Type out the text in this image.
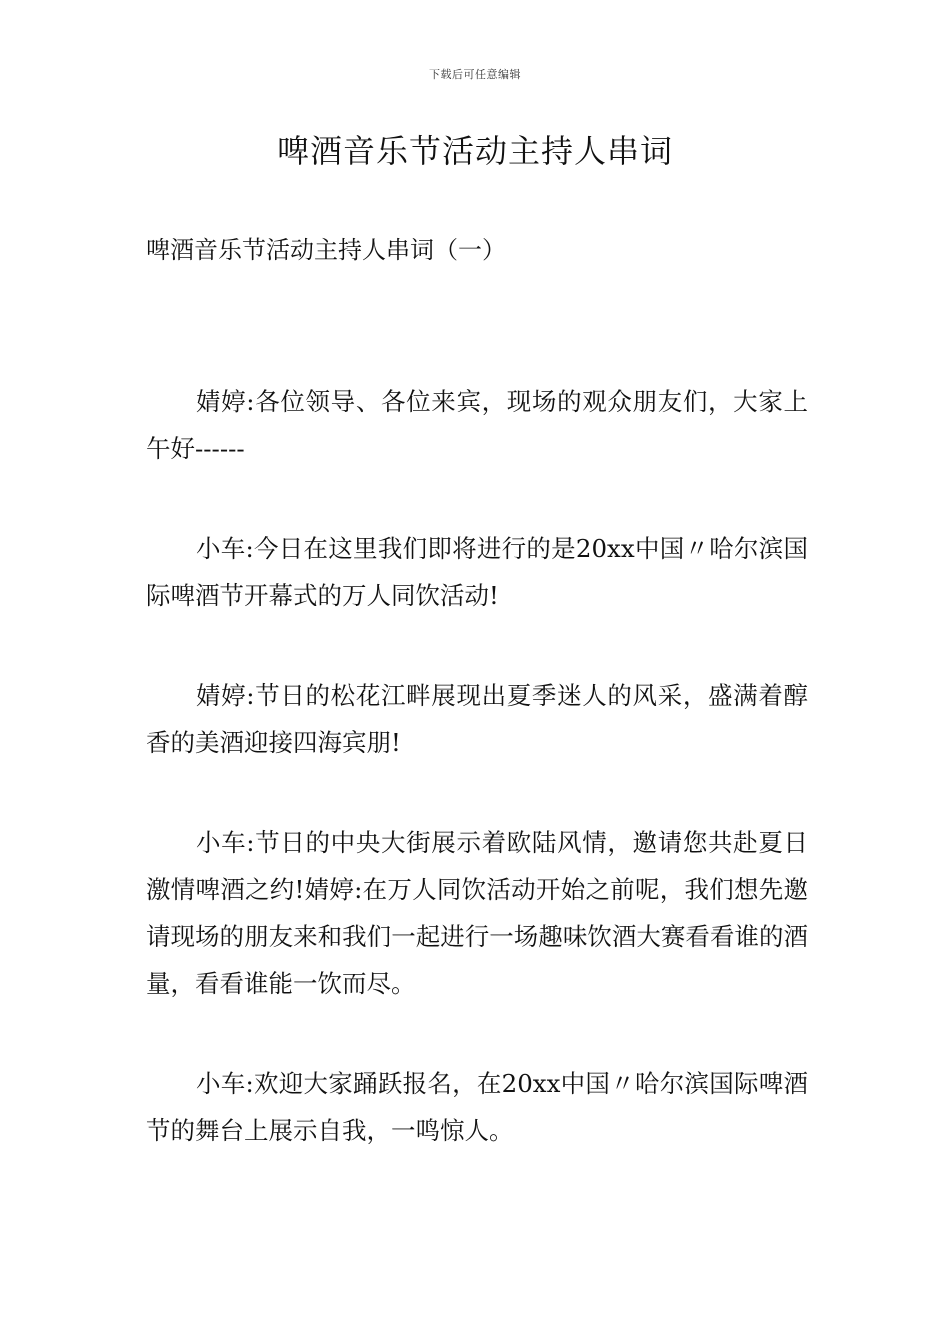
下载后可任意编辑
啤酒音乐节活动主持人串词

啤酒音乐节活动主持人串词（一）

婧婷:各位领导、各位来宾，现场的观众朋友们，大家上午好------

小车:今日在这里我们即将进行的是20xx中国〃哈尔滨国际啤酒节开幕式的万人同饮活动!

婧婷:节日的松花江畔展现出夏季迷人的风采，盛满着醇香的美酒迎接四海宾朋!

小车:节日的中央大街展示着欧陆风情，邀请您共赴夏日激情啤酒之约!婧婷:在万人同饮活动开始之前呢，我们想先邀请现场的朋友来和我们一起进行一场趣味饮酒大赛看看谁的酒量，看看谁能一饮而尽。

小车:欢迎大家踊跃报名，在20xx中国〃哈尔滨国际啤酒节的舞台上展示自我，一鸣惊人。
